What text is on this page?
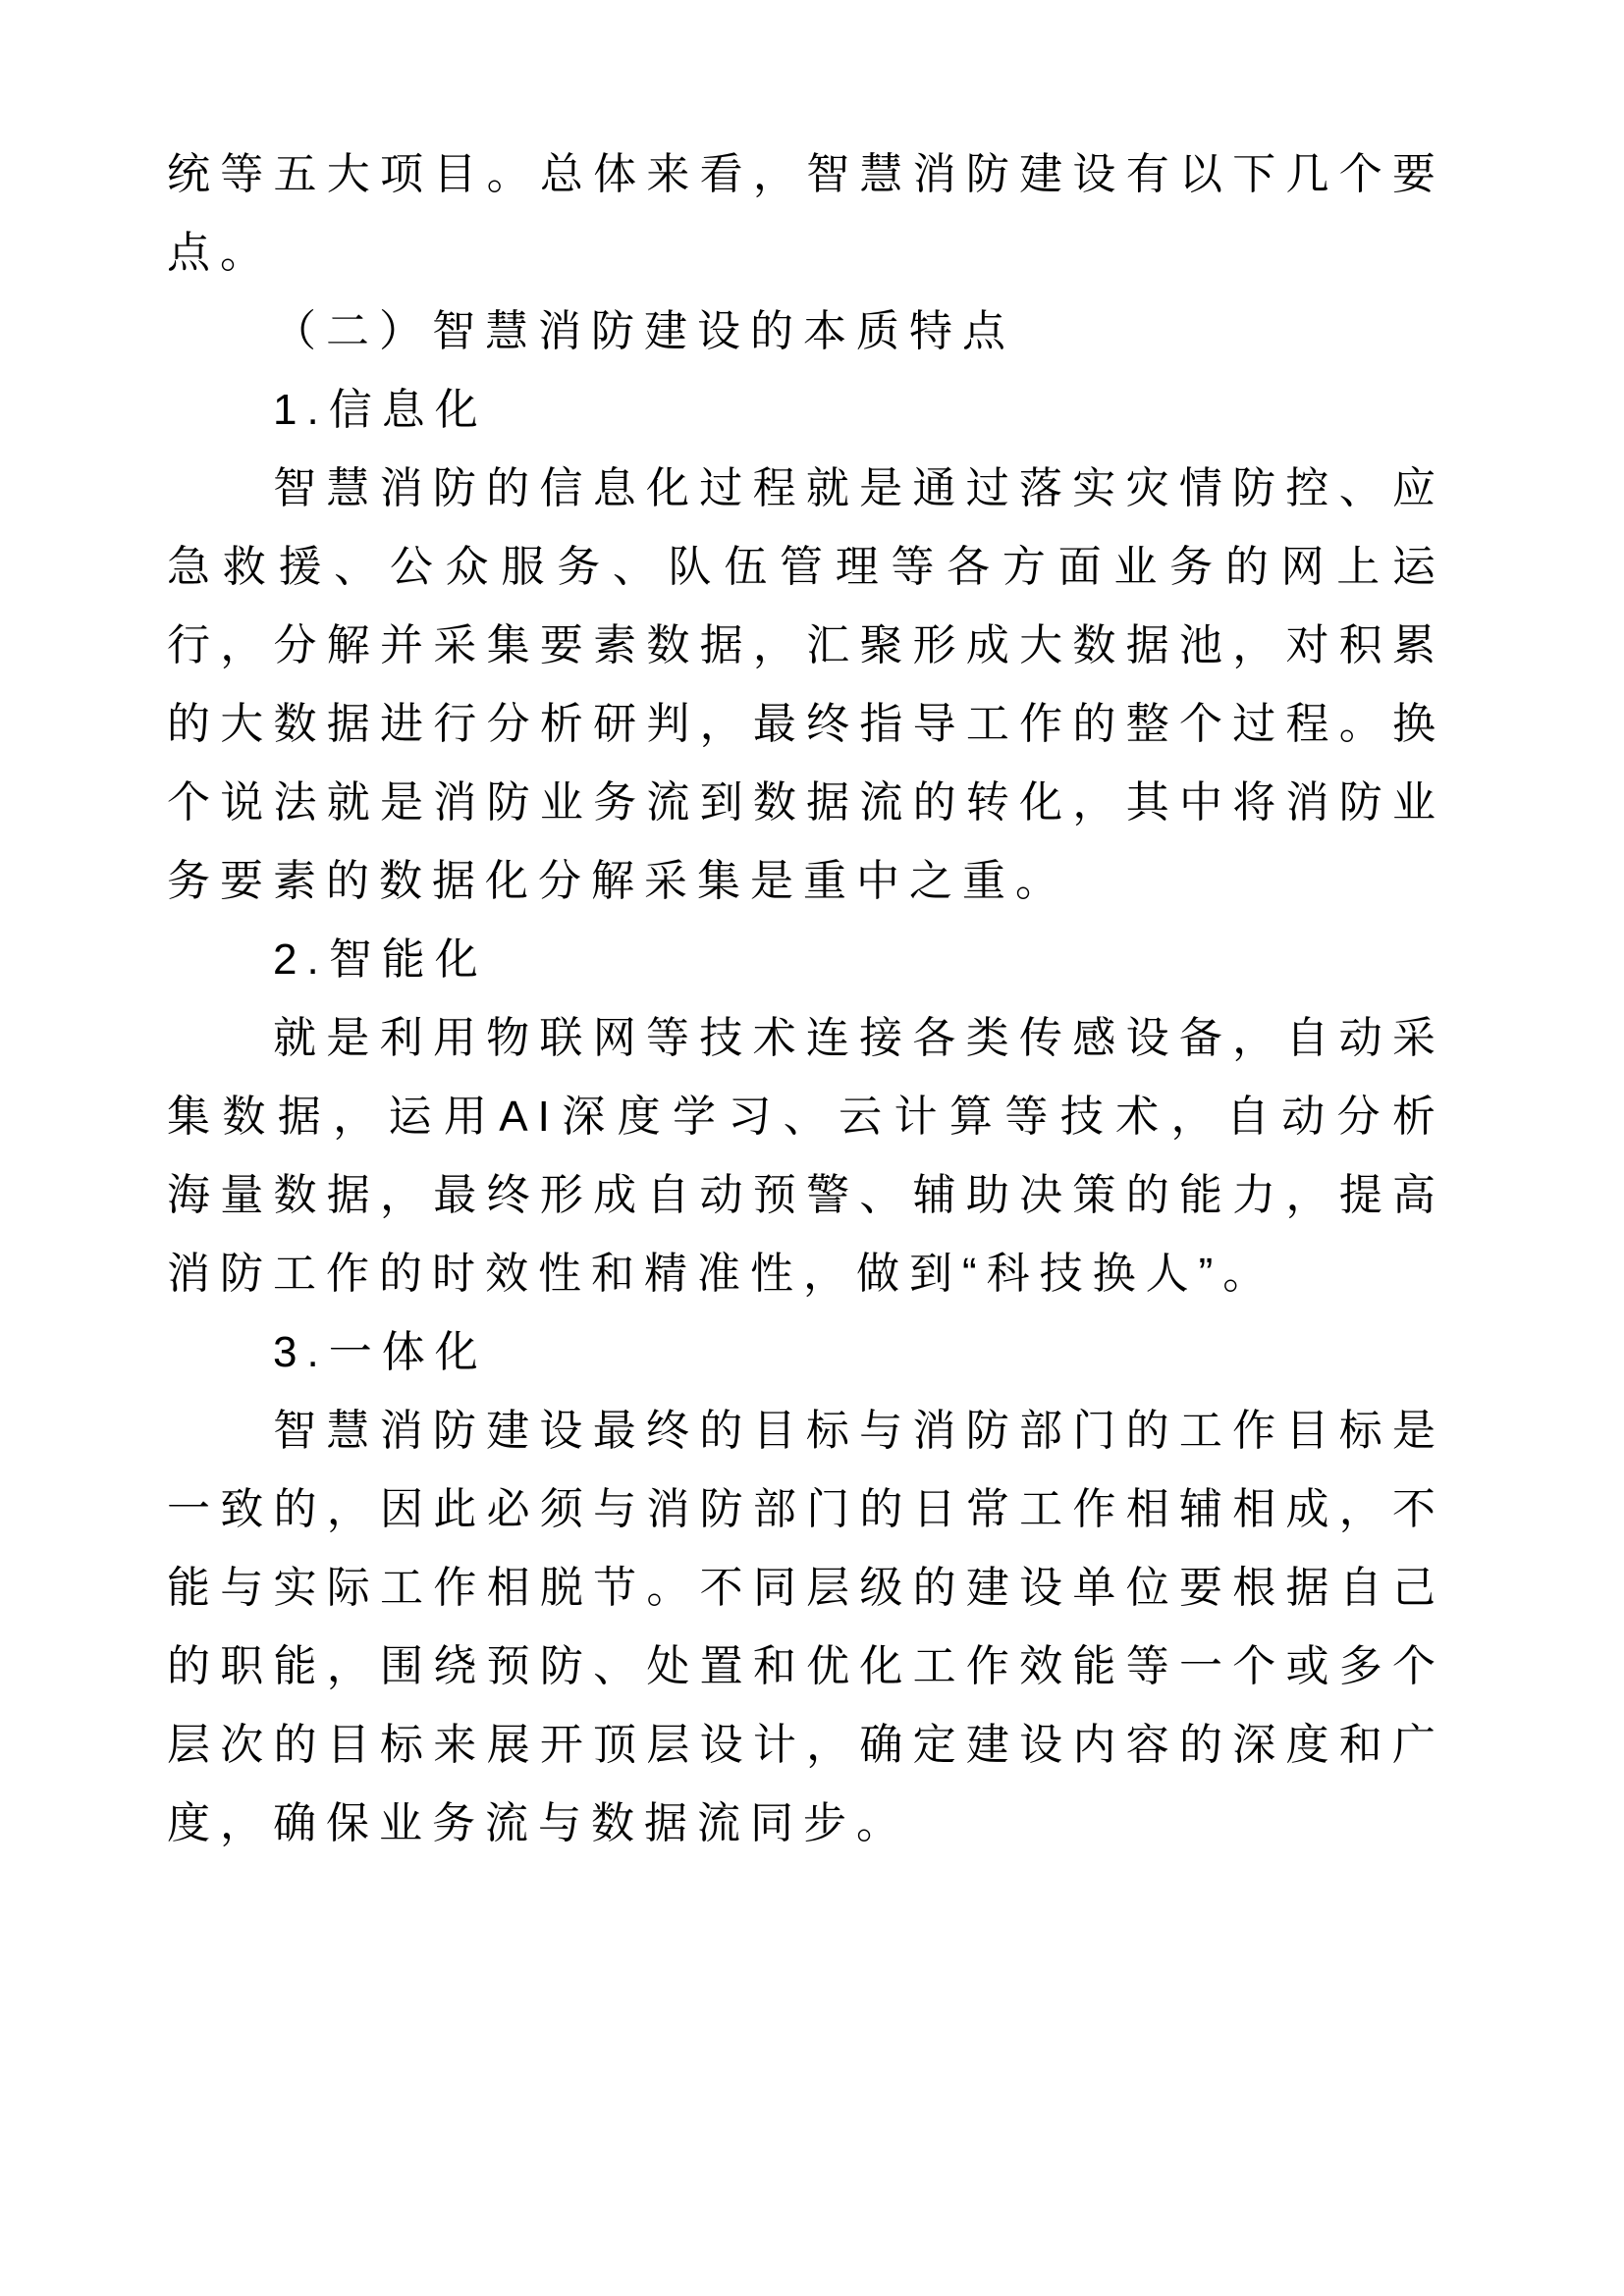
统等五大项目。总体来看，智慧消防建设有以下几个要点。

（二）智慧消防建设的本质特点

1.信息化

智慧消防的信息化过程就是通过落实灾情防控、应急救援、公众服务、队伍管理等各方面业务的网上运行，分解并采集要素数据，汇聚形成大数据池，对积累的大数据进行分析研判，最终指导工作的整个过程。换个说法就是消防业务流到数据流的转化，其中将消防业务要素的数据化分解采集是重中之重。

2.智能化

就是利用物联网等技术连接各类传感设备，自动采集数据，运用AI深度学习、云计算等技术，自动分析海量数据，最终形成自动预警、辅助决策的能力，提高消防工作的时效性和精准性，做到“科技换人”。

3.一体化

智慧消防建设最终的目标与消防部门的工作目标是一致的，因此必须与消防部门的日常工作相辅相成，不能与实际工作相脱节。不同层级的建设单位要根据自己的职能，围绕预防、处置和优化工作效能等一个或多个层次的目标来展开顶层设计，确定建设内容的深度和广度，确保业务流与数据流同步。
